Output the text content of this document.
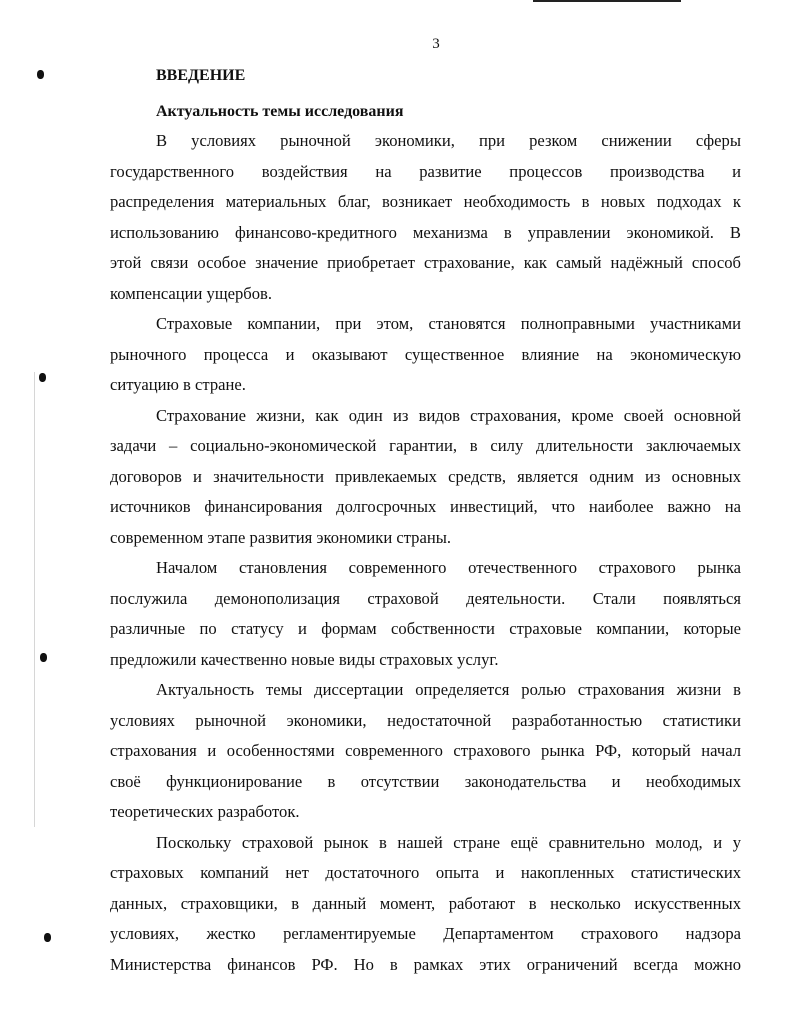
3
ВВЕДЕНИЕ
Актуальность темы исследования
В условиях рыночной экономики, при резком снижении сферы
государственного воздействия на развитие процессов производства и
распределения материальных благ, возникает необходимость в новых подходах к
использованию финансово-кредитного механизма в управлении экономикой. В
этой связи особое значение приобретает страхование, как самый надёжный способ
компенсации ущербов.
Страховые компании, при этом, становятся полноправными участниками
рыночного процесса и оказывают существенное влияние на экономическую
ситуацию в стране.
Страхование жизни, как один из видов страхования, кроме своей основной
задачи – социально-экономической гарантии, в силу длительности заключаемых
договоров и значительности привлекаемых средств, является одним из основных
источников финансирования долгосрочных инвестиций, что наиболее важно на
современном этапе развития экономики страны.
Началом становления современного отечественного страхового рынка
послужила демонополизация страховой деятельности. Стали появляться
различные по статусу и формам собственности страховые компании, которые
предложили качественно новые виды страховых услуг.
Актуальность темы диссертации определяется ролью страхования жизни в
условиях рыночной экономики, недостаточной разработанностью статистики
страхования и особенностями современного страхового рынка РФ, который начал
своё функционирование в отсутствии законодательства и необходимых
теоретических разработок.
Поскольку страховой рынок в нашей стране ещё сравнительно молод, и у
страховых компаний нет достаточного опыта и накопленных статистических
данных, страховщики, в данный момент, работают в несколько искусственных
условиях, жестко регламентируемые Департаментом страхового надзора
Министерства финансов РФ. Но в рамках этих ограничений всегда можно
